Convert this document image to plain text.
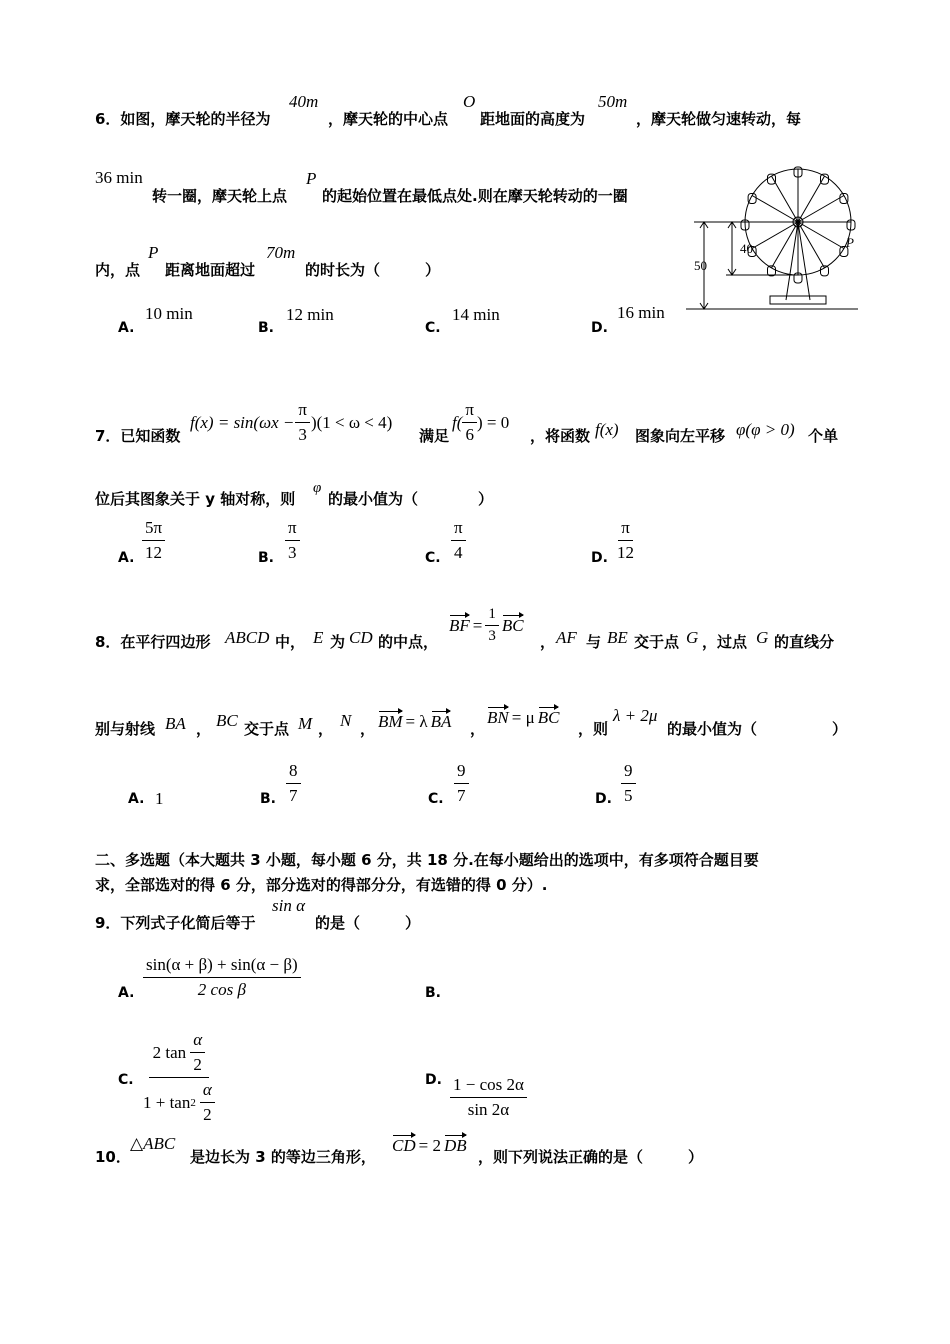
6．如图，摩天轮的半径为
40m
，摩天轮的中心点
O
距地面的高度为
50m
，摩天轮做匀速转动，每
36 min
转一圈，摩天轮上点
P
的起始位置在最低点处.则在摩天轮转动的一圈
内，点
P
距离地面超过
70m
的时长为（　　　）
A.
10 min
B.
12 min
C.
14 min
D.
16 min
40
50
P
7．已知函数
$f(x) = \sin(\omega x - \frac{\pi}{3} )(1 < \omega < 4)$
满足
$f( \frac{\pi}{6}$ ) = 0
，将函数 f(x) 图象向左平移 φ(φ > 0) 个单
位后其图象关于 y 轴对称，则
φ
的最小值为（　　　　）
A. $\frac{5\pi}{12}$	B. $\frac{\pi}{3}$	C. $\frac{\pi}{4}$	D. $\frac{\pi}{12}$
8．在平行四边形 ABCD 中， E 为 CD 的中点，
BF = $\frac{1}{3}$ BC
， AF 与 BE 交于点 G ，过点 G 的直线分
别与射线 BA ， BC 交于点 M ， N ， BM = λ BA ，
BN = μ BC
，则
λ + 2μ
的最小值为（　　　　　）
A. 1	B. $\frac{8}{7}$	C. $\frac{9}{7}$	D. $\frac{9}{5}$
二、多选题（本大题共 3 小题，每小题 6 分，共 18 分.在每小题给出的选项中，有多项符合题目要
求，全部选对的得 6 分，部分选对的得部分分，有选错的得 0 分）.
9．下列式子化简后等于
sin α
的是（　　　）
A. $\frac{\sin(\alpha + \beta) + \sin(\alpha - \beta)}{\text{2 cos β}}$	B.
C.
2 $\tan \frac{\alpha}{2}$
$1 + \tan 2 \frac{\alpha}{2}$	D. $\frac{1 - \cos 2\alpha}{\sin 2\alpha}$
10．
△ABC
是边长为 3 的等边三角形，
CD = 2 DB
，则下列说法正确的是（　　　）
